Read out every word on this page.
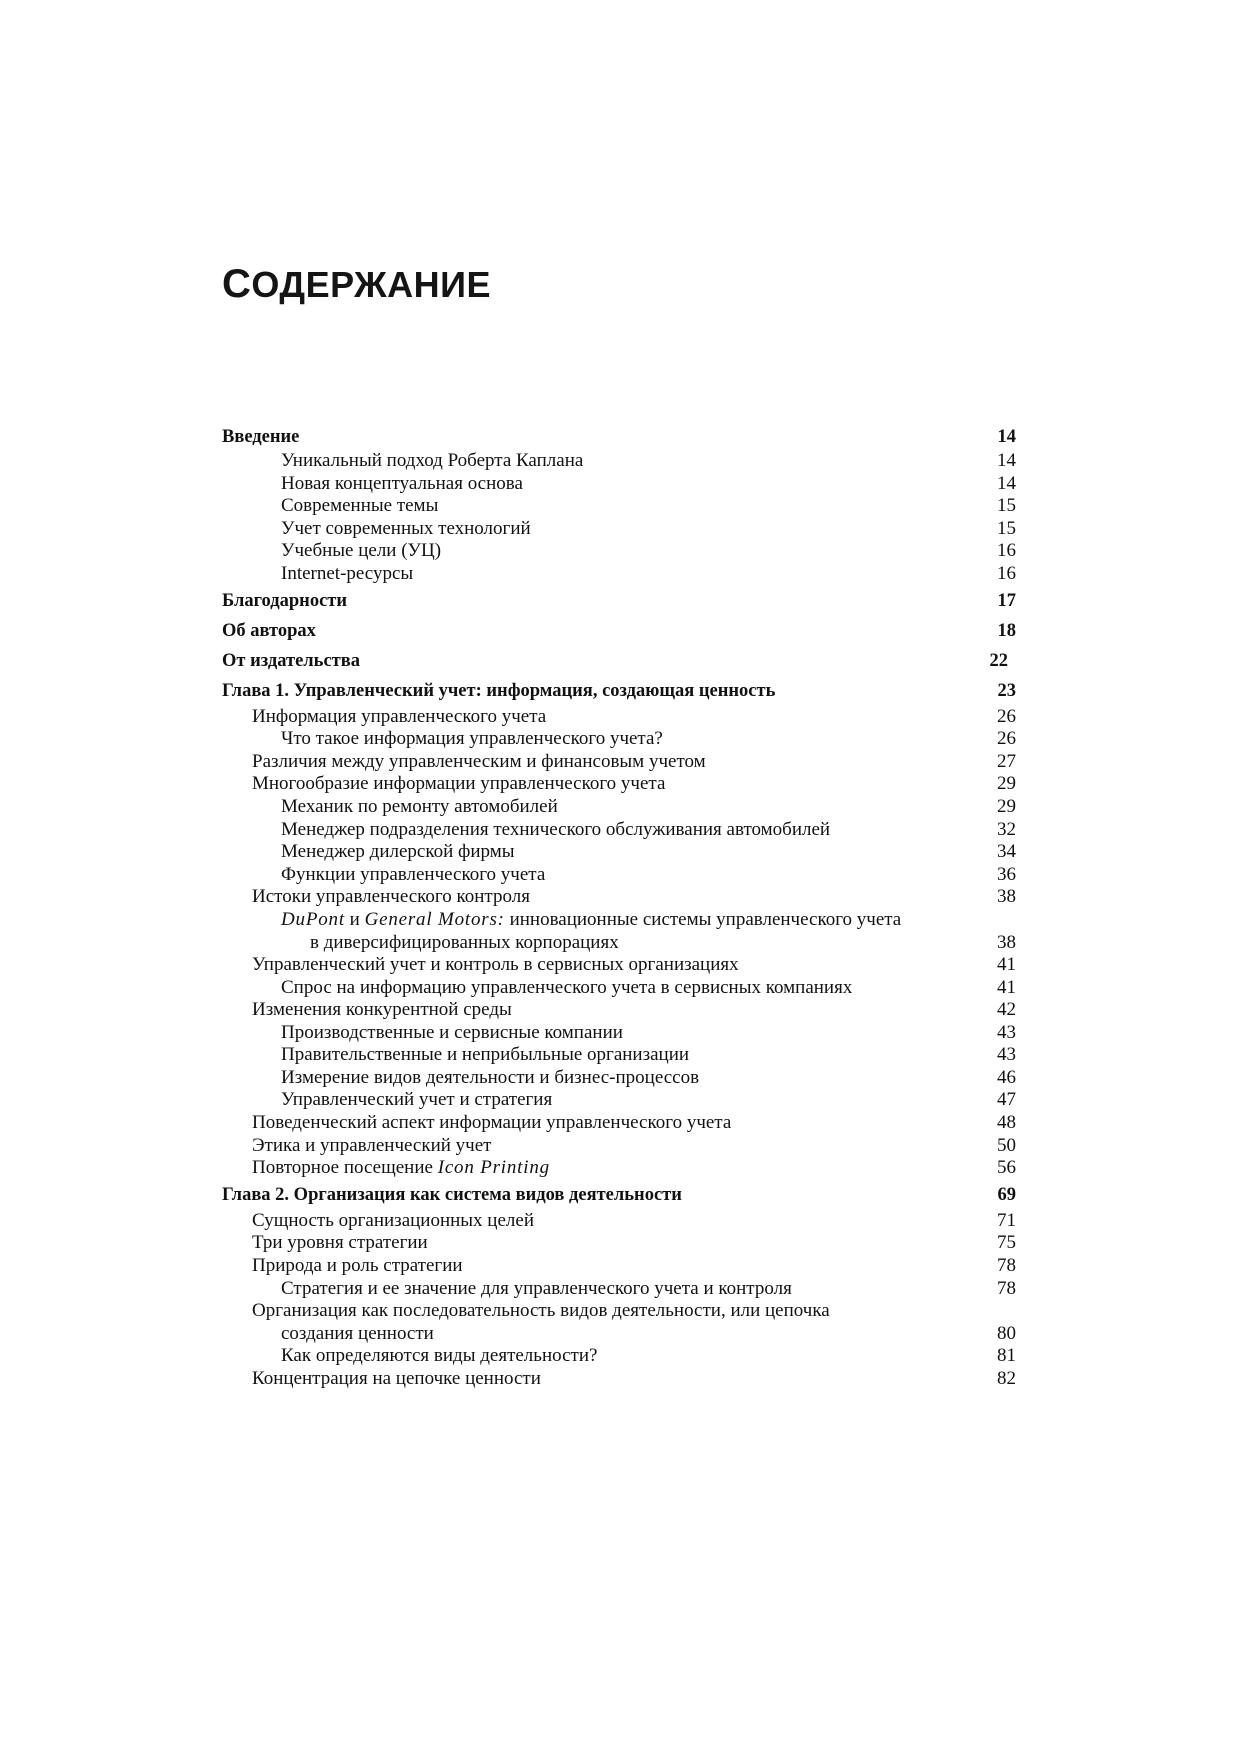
СОДЕРЖАНИЕ
Введение	14
Уникальный подход Роберта Каплана	14
Новая концептуальная основа	14
Современные темы	15
Учет современных технологий	15
Учебные цели (УЦ)	16
Internet-ресурсы	16
Благодарности	17
Об авторах	18
От издательства	22
Глава 1. Управленческий учет: информация, создающая ценность	23
Информация управленческого учета	26
Что такое информация управленческого учета?	26
Различия между управленческим и финансовым учетом	27
Многообразие информации управленческого учета	29
Механик по ремонту автомобилей	29
Менеджер подразделения технического обслуживания автомобилей	32
Менеджер дилерской фирмы	34
Функции управленческого учета	36
Истоки управленческого контроля	38
DuPont и General Motors: инновационные системы управленческого учета
в диверсифицированных корпорациях	38
Управленческий учет и контроль в сервисных организациях	41
Спрос на информацию управленческого учета в сервисных компаниях	41
Изменения конкурентной среды	42
Производственные и сервисные компании	43
Правительственные и неприбыльные организации	43
Измерение видов деятельности и бизнес-процессов	46
Управленческий учет и стратегия	47
Поведенческий аспект информации управленческого учета	48
Этика и управленческий учет	50
Повторное посещение Icon Printing	56
Глава 2. Организация как система видов деятельности	69
Сущность организационных целей	71
Три уровня стратегии	75
Природа и роль стратегии	78
Стратегия и ее значение для управленческого учета и контроля	78
Организация как последовательность видов деятельности, или цепочка
создания ценности	80
Как определяются виды деятельности?	81
Концентрация на цепочке ценности	82
